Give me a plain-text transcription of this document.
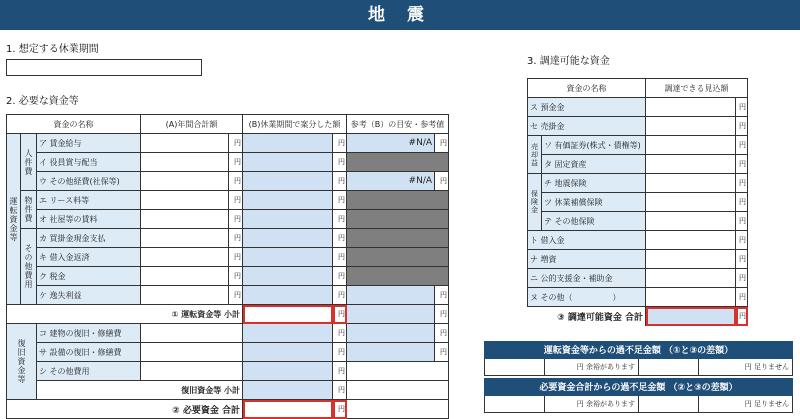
地 震
1. 想定する休業期間
2. 必要な資金等
資金の名称			(A)年間合計額		(B)休業期間で案分した額		参考（B）の目安・参考値	
運転資金等	人件費	ア 賃金給与		円		円	#N/A	円
		イ 役員賞与配当		円		円		
		ウ その他経費(社保等)		円		円	#N/A	円
	物件費	エ リース料等		円		円		
		オ 社屋等の賃料		円		円		
	その他費用	カ 買掛金現金支払		円		円		
		キ 借入金返済		円		円		
		ク 税金		円		円		
		ケ 逸失利益		円		円		円
① 運転資金等 小計						円		円
復旧資金等		コ 建物の復旧・修繕費				円		円
		サ 設備の復旧・修繕費				円		円
		シ その他費用				円		
		復旧資金等 小計				円		
② 必要資金 合計						円		
3. 調達可能な資金
資金の名称		調達できる見込額	
ス 預金金			円
セ 売掛金			円
売却益	ソ 有価証券(株式・債権等)		円
	タ 固定資産		円
保険金	チ 地震保険		円
	ツ 休業補償保険		円
	テ その他保険		円
ト 借入金			円
ナ 増資			円
ニ 公的支援金・補助金			円
ヌ その他（　　　　　 ）			円
③ 調達可能資金 合計			円
運転資金等からの過不足金額 （①と③の差額）
円 余裕があります	円 足りません
必要資金合計からの過不足金額 （②と③の差額）
円 余裕があります	円 足りません
